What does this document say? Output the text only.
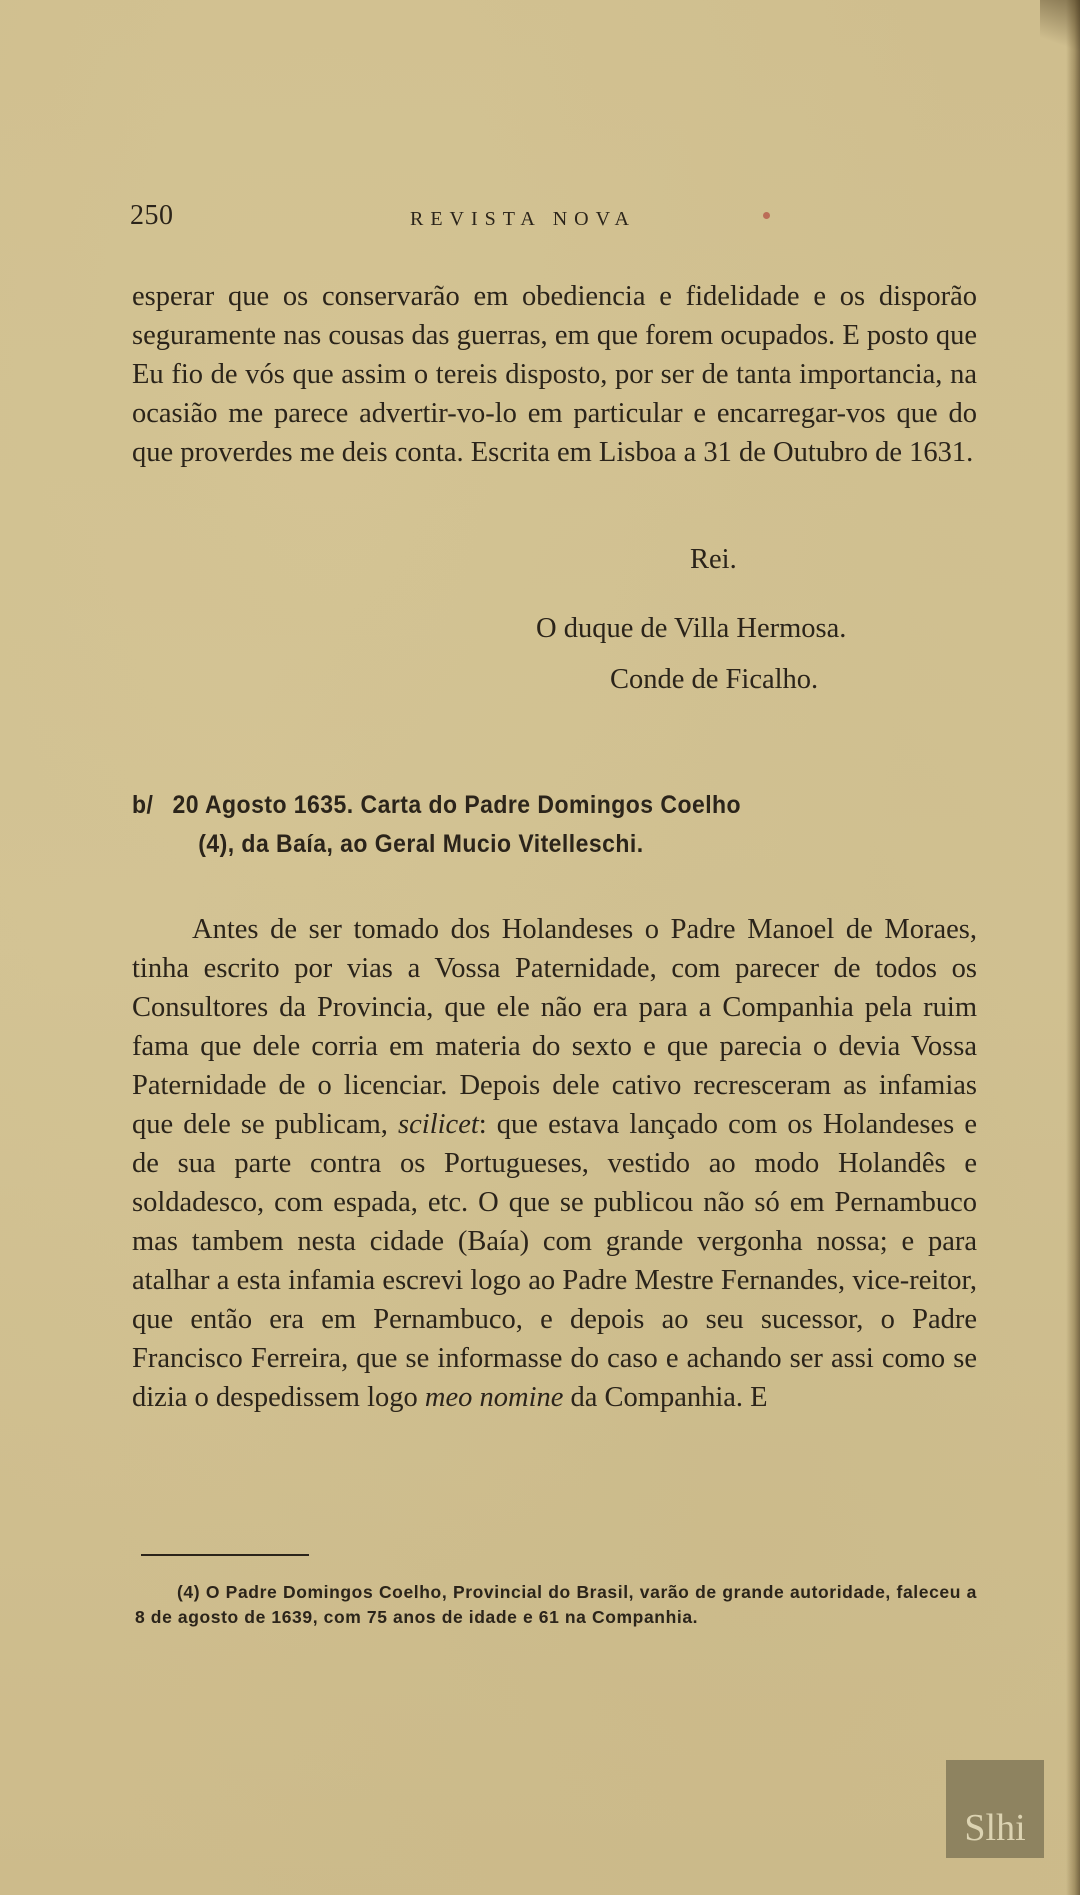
250	REVISTA NOVA

esperar que os conservarão em obediencia e fidelidade e os disporão seguramente nas cousas das guerras, em que forem ocupados. E posto que Eu fio de vós que assim o tereis disposto, por ser de tanta importancia, na ocasião me parece advertir-vo-lo em particular e encarregar-vos que do que proverdes me deis conta. Escrita em Lisboa a 31 de Outubro de 1631.

Rei.
O duque de Villa Hermosa.
Conde de Ficalho.
b/ 20 Agosto 1635. Carta do Padre Domingos Coelho
(4), da Baía, ao Geral Mucio Vitelleschi.

Antes de ser tomado dos Holandeses o Padre Manoel de Moraes, tinha escrito por vias a Vossa Paternidade, com parecer de todos os Consultores da Provincia, que ele não era para a Companhia pela ruim fama que dele corria em materia do sexto e que parecia o devia Vossa Paternidade de o licenciar. Depois dele cativo recresceram as infamias que dele se publicam, scilicet: que estava lançado com os Holandeses e de sua parte contra os Portugueses, vestido ao modo Holandês e soldadesco, com espada, etc. O que se publicou não só em Pernambuco mas tambem nesta cidade (Baía) com grande vergonha nossa; e para atalhar a esta infamia escrevi logo ao Padre Mestre Fernandes, vice-reitor, que então era em Pernambuco, e depois ao seu sucessor, o Padre Francisco Ferreira, que se informasse do caso e achando ser assi como se dizia o despedissem logo meo nomine da Companhia. E

(4) O Padre Domingos Coelho, Provincial do Brasil, varão de grande autoridade, faleceu a 8 de agosto de 1639, com 75 anos de idade e 61 na Companhia.
Slhi
